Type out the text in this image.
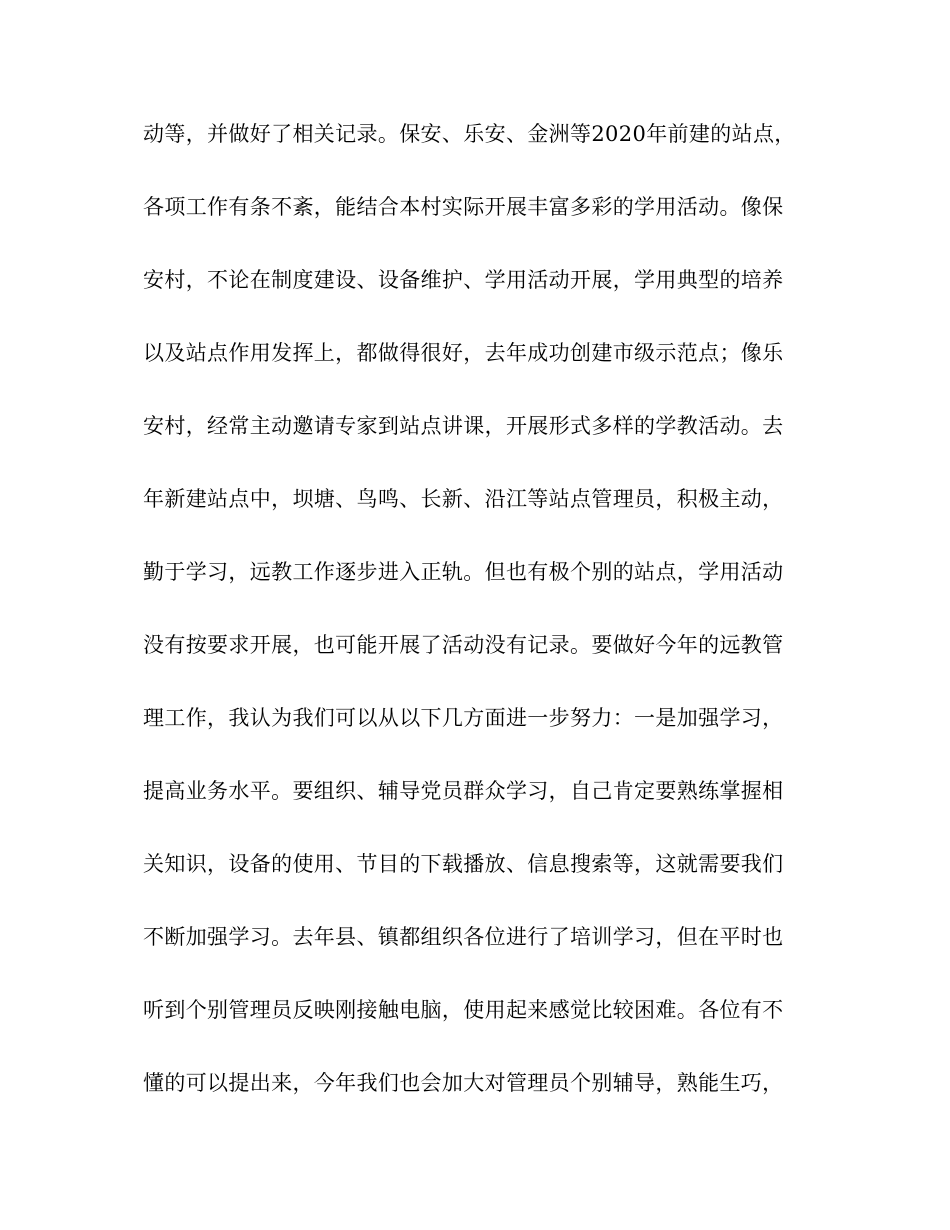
动等，并做好了相关记录。保安、乐安、金洲等2020年前建的站点，
各项工作有条不紊，能结合本村实际开展丰富多彩的学用活动。像保
安村，不论在制度建设、设备维护、学用活动开展，学用典型的培养
以及站点作用发挥上，都做得很好，去年成功创建市级示范点；像乐
安村，经常主动邀请专家到站点讲课，开展形式多样的学教活动。去
年新建站点中，坝塘、鸟鸣、长新、沿江等站点管理员，积极主动，
勤于学习，远教工作逐步进入正轨。但也有极个别的站点，学用活动
没有按要求开展，也可能开展了活动没有记录。要做好今年的远教管
理工作，我认为我们可以从以下几方面进一步努力：一是加强学习，
提高业务水平。要组织、辅导党员群众学习，自己肯定要熟练掌握相
关知识，设备的使用、节目的下载播放、信息搜索等，这就需要我们
不断加强学习。去年县、镇都组织各位进行了培训学习，但在平时也
听到个别管理员反映刚接触电脑，使用起来感觉比较困难。各位有不
懂的可以提出来，今年我们也会加大对管理员个别辅导，熟能生巧，
